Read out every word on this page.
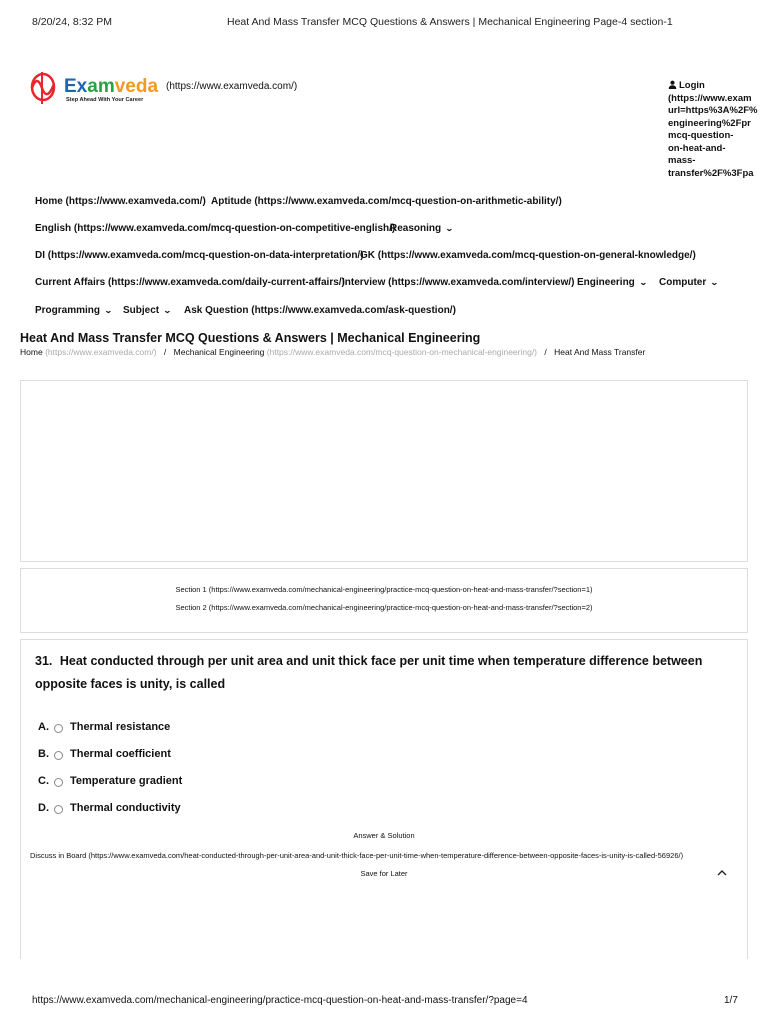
8/20/24, 8:32 PM	Heat And Mass Transfer MCQ Questions & Answers | Mechanical Engineering Page-4 section-1
Examveda
Step Ahead With Your Career
(https://www.examveda.com/)	Login
(https://www.exam
url=https%3A%2F%
engineering%2Fpr
mcq-question-
on-heat-and-
mass-
transfer%2F%3Fpa
Home (https://www.examveda.com/) Aptitude (https://www.examveda.com/mcq-question-on-arithmetic-ability/)
English (https://www.examveda.com/mcq-question-on-competitive-english/)
Reasoning ⌄
DI (https://www.examveda.com/mcq-question-on-data-interpretation/)
GK (https://www.examveda.com/mcq-question-on-general-knowledge/)
Current Affairs (https://www.examveda.com/daily-current-affairs/)
Interview (https://www.examveda.com/interview/) Engineering ⌄ Computer ⌄
Programming ⌄ Subject ⌄ Ask Question (https://www.examveda.com/ask-question/)
Heat And Mass Transfer MCQ Questions & Answers | Mechanical Engineering
Home (https://www.examveda.com/) / Mechanical Engineering (https://www.examveda.com/mcq-question-on-mechanical-engineering/) / Heat And Mass Transfer
Section 1 (https://www.examveda.com/mechanical-engineering/practice-mcq-question-on-heat-and-mass-transfer/?section=1)
Section 2 (https://www.examveda.com/mechanical-engineering/practice-mcq-question-on-heat-and-mass-transfer/?section=2)
31. Heat conducted through per unit area and unit thick face per unit time when temperature difference between opposite faces is unity, is called
A.	Thermal resistance
B.	Thermal coefficient
C.	Temperature gradient
D.	Thermal conductivity
Answer & Solution
Discuss in Board (https://www.examveda.com/heat-conducted-through-per-unit-area-and-unit-thick-face-per-unit-time-when-temperature-difference-between-opposite-faces-is-unity-is-called-56926/)
Save for Later
https://www.examveda.com/mechanical-engineering/practice-mcq-question-on-heat-and-mass-transfer/?page=4	1/7
